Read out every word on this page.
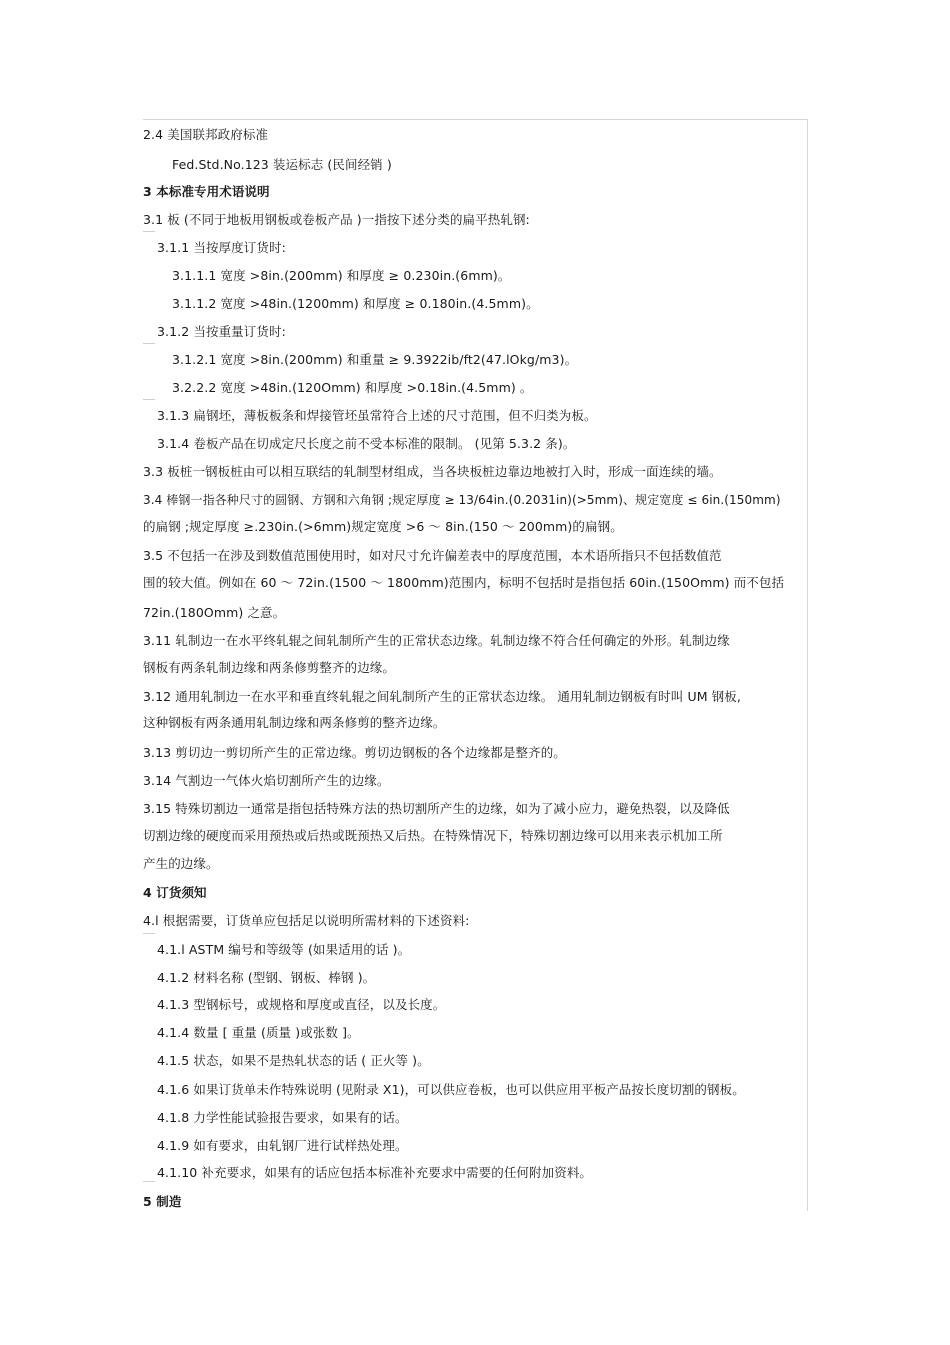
2.4 美国联邦政府标准
Fed.Std.No.123 装运标志 (民间经销 )
3 本标准专用术语说明
3.1 板 (不同于地板用钢板或卷板产品 )一指按下述分类的扁平热轧钢:
3.1.1 当按厚度订货时:
3.1.1.1 宽度 >8in.(200mm) 和厚度 ≥ 0.230in.(6mm)。
3.1.1.2 宽度 >48in.(1200mm) 和厚度 ≥ 0.180in.(4.5mm)。
3.1.2 当按重量订货时:
3.1.2.1 宽度 >8in.(200mm) 和重量 ≥ 9.3922ib/ft2(47.lOkg/m3)。
3.2.2.2 宽度 >48in.(120Omm) 和厚度 >0.18in.(4.5mm) 。
3.1.3 扁钢坯，薄板板条和焊接管坯虽常符合上述的尺寸范围，但不归类为板。
3.1.4 卷板产品在切成定尺长度之前不受本标准的限制。 (见第 5.3.2 条)。
3.3 板桩一钢板桩由可以相互联结的轧制型材组成，当各块板桩边靠边地被打入时，形成一面连续的墙。
3.4 棒钢一指各种尺寸的圆钢、方钢和六角钢 ;规定厚度 ≥ 13/64in.(0.2031in)(>5mm)、规定宽度 ≤ 6in.(150mm)
的扁钢 ;规定厚度 ≥.230in.(>6mm)规定宽度 >6 ～ 8in.(150 ～ 200mm)的扁钢。
3.5 不包括一在涉及到数值范围使用时，如对尺寸允许偏差表中的厚度范围，本术语所指只不包括数值范
围的较大值。例如在 60 ～ 72in.(1500 ～ 1800mm)范围内，标明不包括时是指包括 60in.(150Omm) 而不包括
72in.(180Omm) 之意。
3.11 轧制边一在水平终轧辊之间轧制所产生的正常状态边缘。轧制边缘不符合任何确定的外形。轧制边缘
钢板有两条轧制边缘和两条修剪整齐的边缘。
3.12 通用轧制边一在水平和垂直终轧辊之间轧制所产生的正常状态边缘。 通用轧制边钢板有时叫 UM 钢板,
这种钢板有两条通用轧制边缘和两条修剪的整齐边缘。
3.13 剪切边一剪切所产生的正常边缘。剪切边钢板的各个边缘都是整齐的。
3.14 气割边一气体火焰切割所产生的边缘。
3.15 特殊切割边一通常是指包括特殊方法的热切割所产生的边缘，如为了减小应力，避免热裂，以及降低
切割边缘的硬度而采用预热或后热或既预热又后热。在特殊情况下，特殊切割边缘可以用来表示机加工所
产生的边缘。
4 订货须知
4.l 根据需要，订货单应包括足以说明所需材料的下述资料:
4.1.l ASTM 编号和等级等 (如果适用的话 )。
4.1.2 材料名称 (型钢、钢板、棒钢 )。
4.1.3 型钢标号，或规格和厚度或直径，以及长度。
4.1.4 数量 [ 重量 (质量 )或张数 ]。
4.1.5 状态，如果不是热轧状态的话 ( 正火等 )。
4.1.6 如果订货单未作特殊说明 (见附录 X1)，可以供应卷板，也可以供应用平板产品按长度切割的钢板。
4.1.8 力学性能试验报告要求，如果有的话。
4.1.9 如有要求，由轧钢厂进行试样热处理。
4.1.10 补充要求，如果有的话应包括本标准补充要求中需要的任何附加资料。
5 制造
